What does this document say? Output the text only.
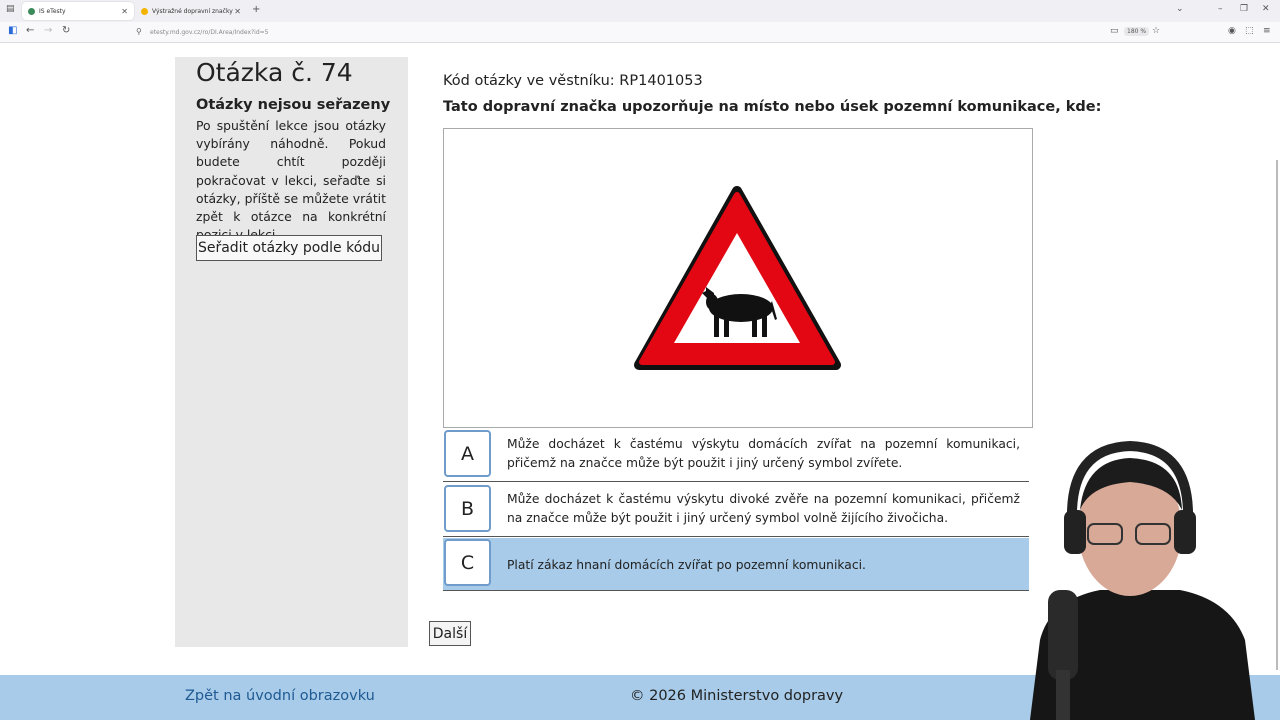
▤	IS eTesty	✕	Výstražné dopravní značky ✕ +	⌄	– ❐ ✕
◧ ← → ↻	⚲ etesty.md.gov.cz/ro/DI.Area/Index?id=5	▭	180 % ☆	◉ ⬚ ≡
Otázka č. 74
Otázky nejsou seřazeny
Po spuštění lekce jsou otázky vybírány náhodně. Pokud budete chtít později pokračovat v lekci, seřaďte si otázky, příště se můžete vrátit zpět k otázce na konkrétní
Seřadit otázky podle kódu
Kód otázky ve věstníku: RP1401053
Tato dopravní značka upozorňuje na místo nebo úsek pozemní komunikace, kde:
A	Může docházet k častému výskytu domácích zvířat na pozemní komunikaci, přičemž na značce může být použit i jiný určený symbol zvířete.
B	Může docházet k častému výskytu divoké zvěře na pozemní komunikaci, přičemž na značce může být použit i jiný určený symbol volně žijícího živočicha.
C	Platí zákaz hnaní domácích zvířat po pozemní komunikaci.
Další
Zpět na úvodní obrazovku	© 2026 Ministerstvo dopravy
